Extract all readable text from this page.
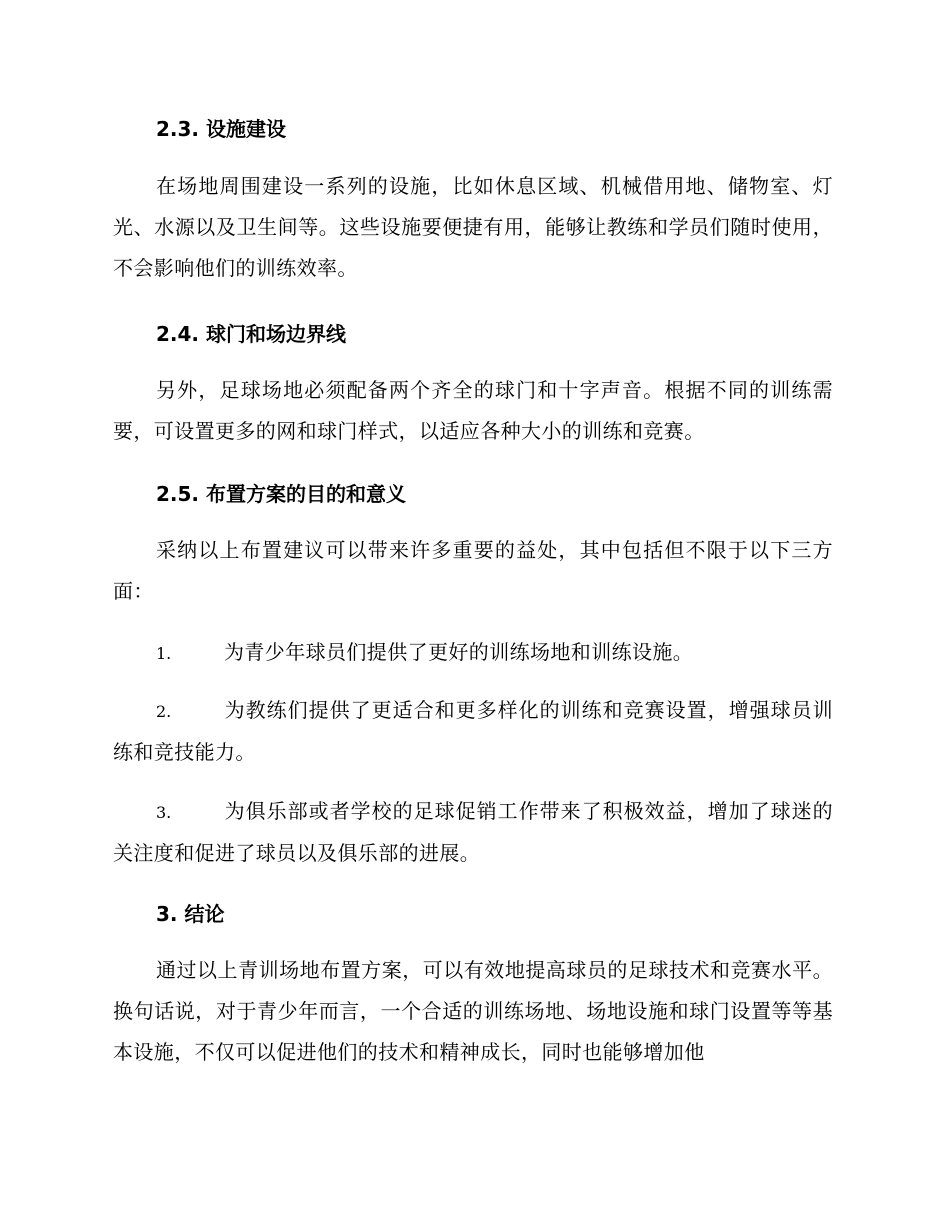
2.3. 设施建设
在场地周围建设一系列的设施，比如休息区域、机械借用地、储物室、灯光、水源以及卫生间等。这些设施要便捷有用，能够让教练和学员们随时使用，不会影响他们的训练效率。
2.4. 球门和场边界线
另外，足球场地必须配备两个齐全的球门和十字声音。根据不同的训练需要，可设置更多的网和球门样式，以适应各种大小的训练和竞赛。
2.5. 布置方案的目的和意义
采纳以上布置建议可以带来许多重要的益处，其中包括但不限于以下三方面：
1.	为青少年球员们提供了更好的训练场地和训练设施。
2.	为教练们提供了更适合和更多样化的训练和竞赛设置，增强球员训练和竞技能力。
3.	为俱乐部或者学校的足球促销工作带来了积极效益，增加了球迷的关注度和促进了球员以及俱乐部的进展。
3. 结论
通过以上青训场地布置方案，可以有效地提高球员的足球技术和竞赛水平。换句话说，对于青少年而言，一个合适的训练场地、场地设施和球门设置等等基本设施，不仅可以促进他们的技术和精神成长，同时也能够增加他
